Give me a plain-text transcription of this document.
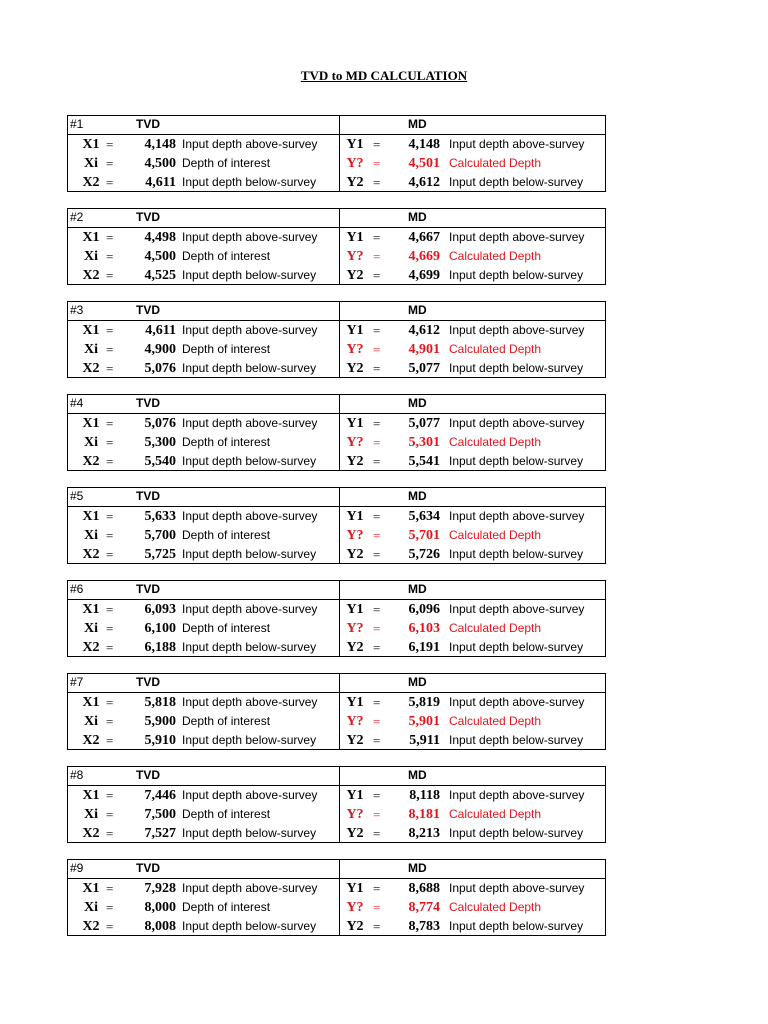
TVD to MD CALCULATION
#1	TVD	MD
X1 =	4,148 Input depth above-survey	Y1 =	4,148 Input depth above-survey
Xi =	4,500 Depth of interest	Y? =	4,501 Calculated Depth
X2 =	4,611 Input depth below-survey	Y2 =	4,612 Input depth below-survey
#2	TVD	MD
X1 =	4,498 Input depth above-survey	Y1 =	4,667 Input depth above-survey
Xi =	4,500 Depth of interest	Y? =	4,669 Calculated Depth
X2 =	4,525 Input depth below-survey	Y2 =	4,699 Input depth below-survey
#3	TVD	MD
X1 =	4,611 Input depth above-survey	Y1 =	4,612 Input depth above-survey
Xi =	4,900 Depth of interest	Y? =	4,901 Calculated Depth
X2 =	5,076 Input depth below-survey	Y2 =	5,077 Input depth below-survey
#4	TVD	MD
X1 =	5,076 Input depth above-survey	Y1 =	5,077 Input depth above-survey
Xi =	5,300 Depth of interest	Y? =	5,301 Calculated Depth
X2 =	5,540 Input depth below-survey	Y2 =	5,541 Input depth below-survey
#5	TVD	MD
X1 =	5,633 Input depth above-survey	Y1 =	5,634 Input depth above-survey
Xi =	5,700 Depth of interest	Y? =	5,701 Calculated Depth
X2 =	5,725 Input depth below-survey	Y2 =	5,726 Input depth below-survey
#6	TVD	MD
X1 =	6,093 Input depth above-survey	Y1 =	6,096 Input depth above-survey
Xi =	6,100 Depth of interest	Y? =	6,103 Calculated Depth
X2 =	6,188 Input depth below-survey	Y2 =	6,191 Input depth below-survey
#7	TVD	MD
X1 =	5,818 Input depth above-survey	Y1 =	5,819 Input depth above-survey
Xi =	5,900 Depth of interest	Y? =	5,901 Calculated Depth
X2 =	5,910 Input depth below-survey	Y2 =	5,911 Input depth below-survey
#8	TVD	MD
X1 =	7,446 Input depth above-survey	Y1 =	8,118 Input depth above-survey
Xi =	7,500 Depth of interest	Y? =	8,181 Calculated Depth
X2 =	7,527 Input depth below-survey	Y2 =	8,213 Input depth below-survey
#9	TVD	MD
X1 =	7,928 Input depth above-survey	Y1 =	8,688 Input depth above-survey
Xi =	8,000 Depth of interest	Y? =	8,774 Calculated Depth
X2 =	8,008 Input depth below-survey	Y2 =	8,783 Input depth below-survey
